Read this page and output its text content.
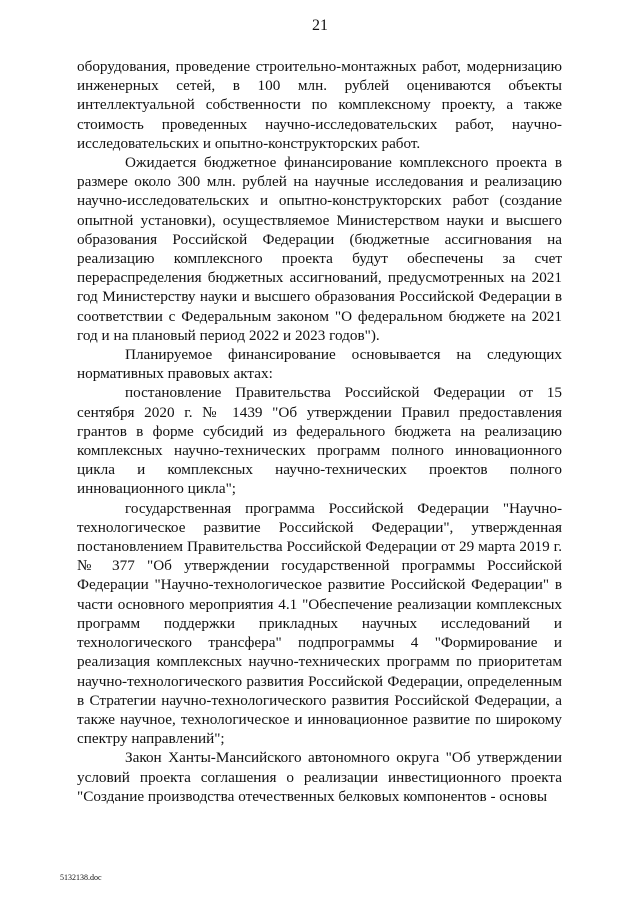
21

оборудования, проведение строительно-монтажных работ, модернизацию инженерных сетей, в 100 млн. рублей оцениваются объекты интеллектуальной собственности по комплексному проекту, а также стоимость проведенных научно-исследовательских работ, научно-исследовательских и опытно-конструкторских работ.

Ожидается бюджетное финансирование комплексного проекта в размере около 300 млн. рублей на научные исследования и реализацию научно-исследовательских и опытно-конструкторских работ (создание опытной установки), осуществляемое Министерством науки и высшего образования Российской Федерации (бюджетные ассигнования на реализацию комплексного проекта будут обеспечены за счет перераспределения бюджетных ассигнований, предусмотренных на 2021 год Министерству науки и высшего образования Российской Федерации в соответствии с Федеральным законом "О федеральном бюджете на 2021 год и на плановый период 2022 и 2023 годов").

Планируемое финансирование основывается на следующих нормативных правовых актах:

постановление Правительства Российской Федерации от 15 сентября 2020 г. № 1439 "Об утверждении Правил предоставления грантов в форме субсидий из федерального бюджета на реализацию комплексных научно-технических программ полного инновационного цикла и комплексных научно-технических проектов полного инновационного цикла";

государственная программа Российской Федерации "Научно-технологическое развитие Российской Федерации", утвержденная постановлением Правительства Российской Федерации от 29 марта 2019 г. № 377 "Об утверждении государственной программы Российской Федерации "Научно-технологическое развитие Российской Федерации" в части основного мероприятия 4.1 "Обеспечение реализации комплексных программ поддержки прикладных научных исследований и технологического трансфера" подпрограммы 4 "Формирование и реализация комплексных научно-технических программ по приоритетам научно-технологического развития Российской Федерации, определенным в Стратегии научно-технологического развития Российской Федерации, а также научное, технологическое и инновационное развитие по широкому спектру направлений";

Закон Ханты-Мансийского автономного округа "Об утверждении условий проекта соглашения о реализации инвестиционного проекта "Создание производства отечественных белковых компонентов - основы

5132138.doc
